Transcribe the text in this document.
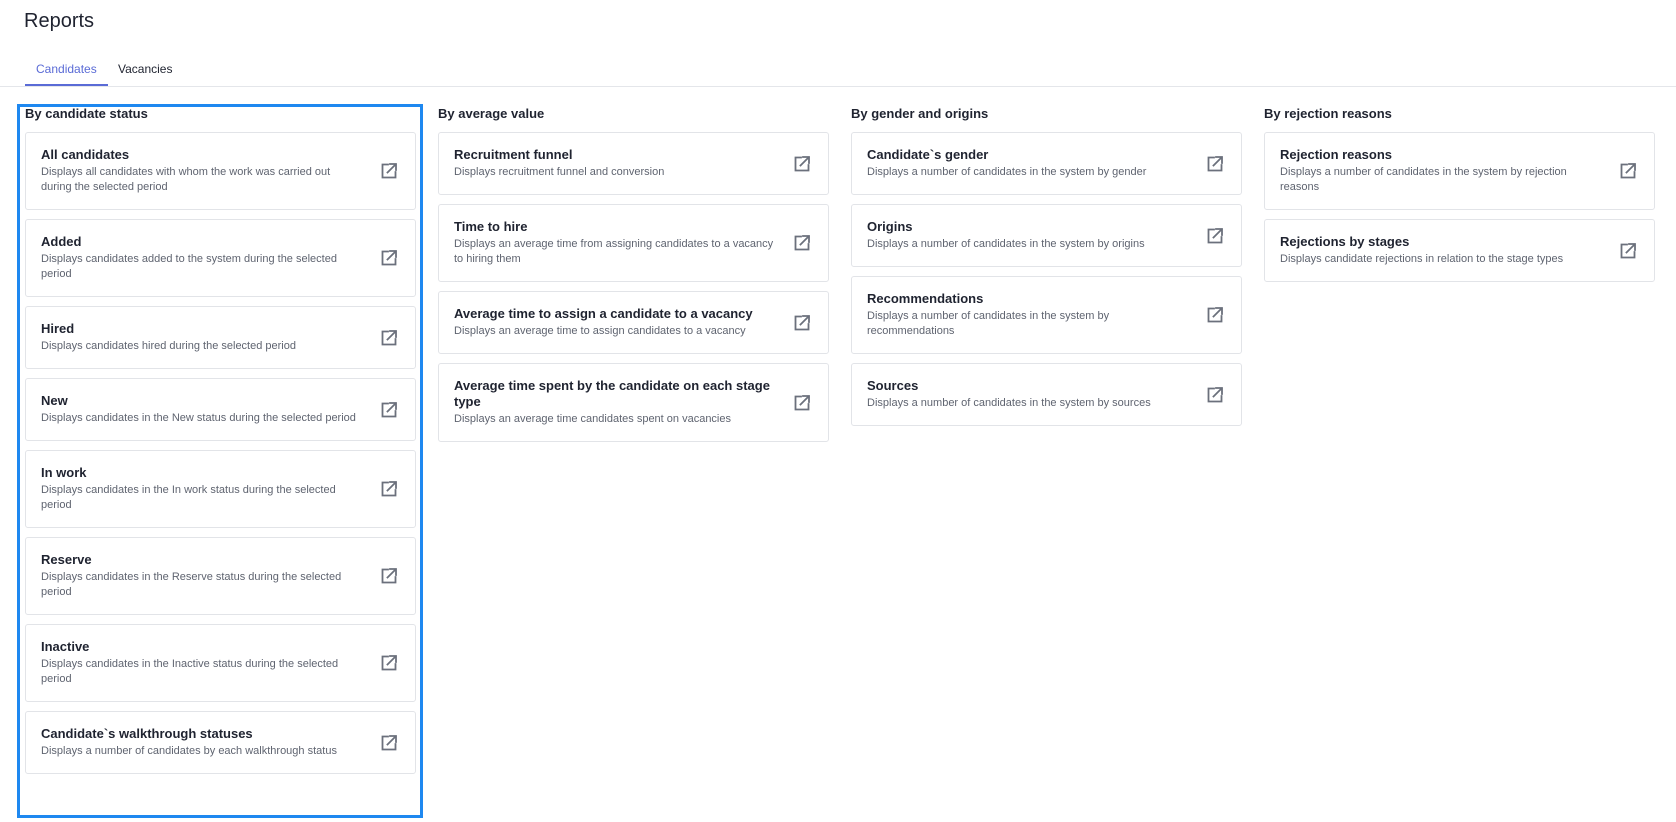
Reports
Candidates	Vacancies
By candidate status
All candidates
Displays all candidates with whom the work was carried out during the selected period
Added
Displays candidates added to the system during the selected period
Hired
Displays candidates hired during the selected period
New
Displays candidates in the New status during the selected period
In work
Displays candidates in the In work status during the selected period
Reserve
Displays candidates in the Reserve status during the selected period
Inactive
Displays candidates in the Inactive status during the selected period
Candidate`s walkthrough statuses
Displays a number of candidates by each walkthrough status
By average value
Recruitment funnel
Displays recruitment funnel and conversion
Time to hire
Displays an average time from assigning candidates to a vacancy to hiring them
Average time to assign a candidate to a vacancy
Displays an average time to assign candidates to a vacancy
Average time spent by the candidate on each stage type
Displays an average time candidates spent on vacancies
By gender and origins
Candidate`s gender
Displays a number of candidates in the system by gender
Origins
Displays a number of candidates in the system by origins
Recommendations
Displays a number of candidates in the system by recommendations
Sources
Displays a number of candidates in the system by sources
By rejection reasons
Rejection reasons
Displays a number of candidates in the system by rejection reasons
Rejections by stages
Displays candidate rejections in relation to the stage types
